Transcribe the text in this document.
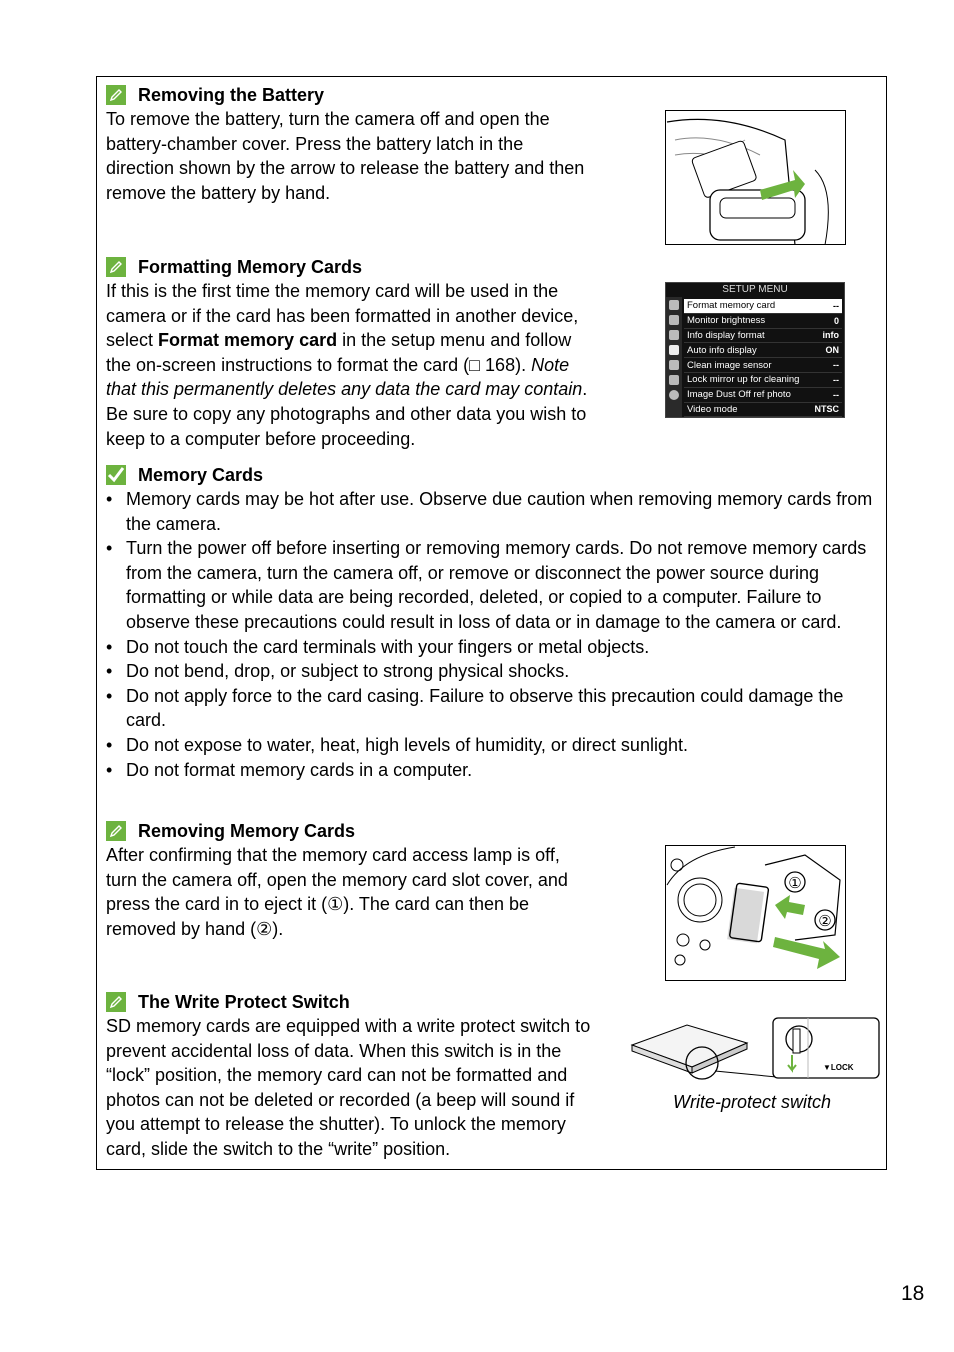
Removing the Battery

To remove the battery, turn the camera off and open the
battery-chamber cover. Press the battery latch in the
direction shown by the arrow to release the battery and then
remove the battery by hand.

Formatting Memory Cards

If this is the first time the memory card will be used in the
camera or if the card has been formatted in another device,
select Format memory card in the setup menu and follow
the on-screen instructions to format the card (□ 168). Note
that this permanently deletes any data the card may contain.
Be sure to copy any photographs and other data you wish to
keep to a computer before proceeding.

SETUP MENU
Format memory card	--
Monitor brightness	0
Info display format	info
Auto info display	ON
Clean image sensor	--
Lock mirror up for cleaning	--
Image Dust Off ref photo	--
Video mode	NTSC
Memory Cards
• Memory cards may be hot after use. Observe due caution when removing memory cards from the camera.
• Turn the power off before inserting or removing memory cards. Do not remove memory cards from the camera, turn the camera off, or remove or disconnect the power source during formatting or while data are being recorded, deleted, or copied to a computer. Failure to observe these precautions could result in loss of data or in damage to the camera or card.
• Do not touch the card terminals with your fingers or metal objects.
• Do not bend, drop, or subject to strong physical shocks.
• Do not apply force to the card casing. Failure to observe this precaution could damage the card.
• Do not expose to water, heat, high levels of humidity, or direct sunlight.
• Do not format memory cards in a computer.
Removing Memory Cards

After confirming that the memory card access lamp is off,
turn the camera off, open the memory card slot cover, and
press the card in to eject it (①). The card can then be
removed by hand (②).

①
②
The Write Protect Switch

SD memory cards are equipped with a write protect switch to
prevent accidental loss of data. When this switch is in the
“lock” position, the memory card can not be formatted and
photos can not be deleted or recorded (a beep will sound if
you attempt to release the shutter). To unlock the memory
card, slide the switch to the “write” position.

▼LOCK
Write-protect switch
18
